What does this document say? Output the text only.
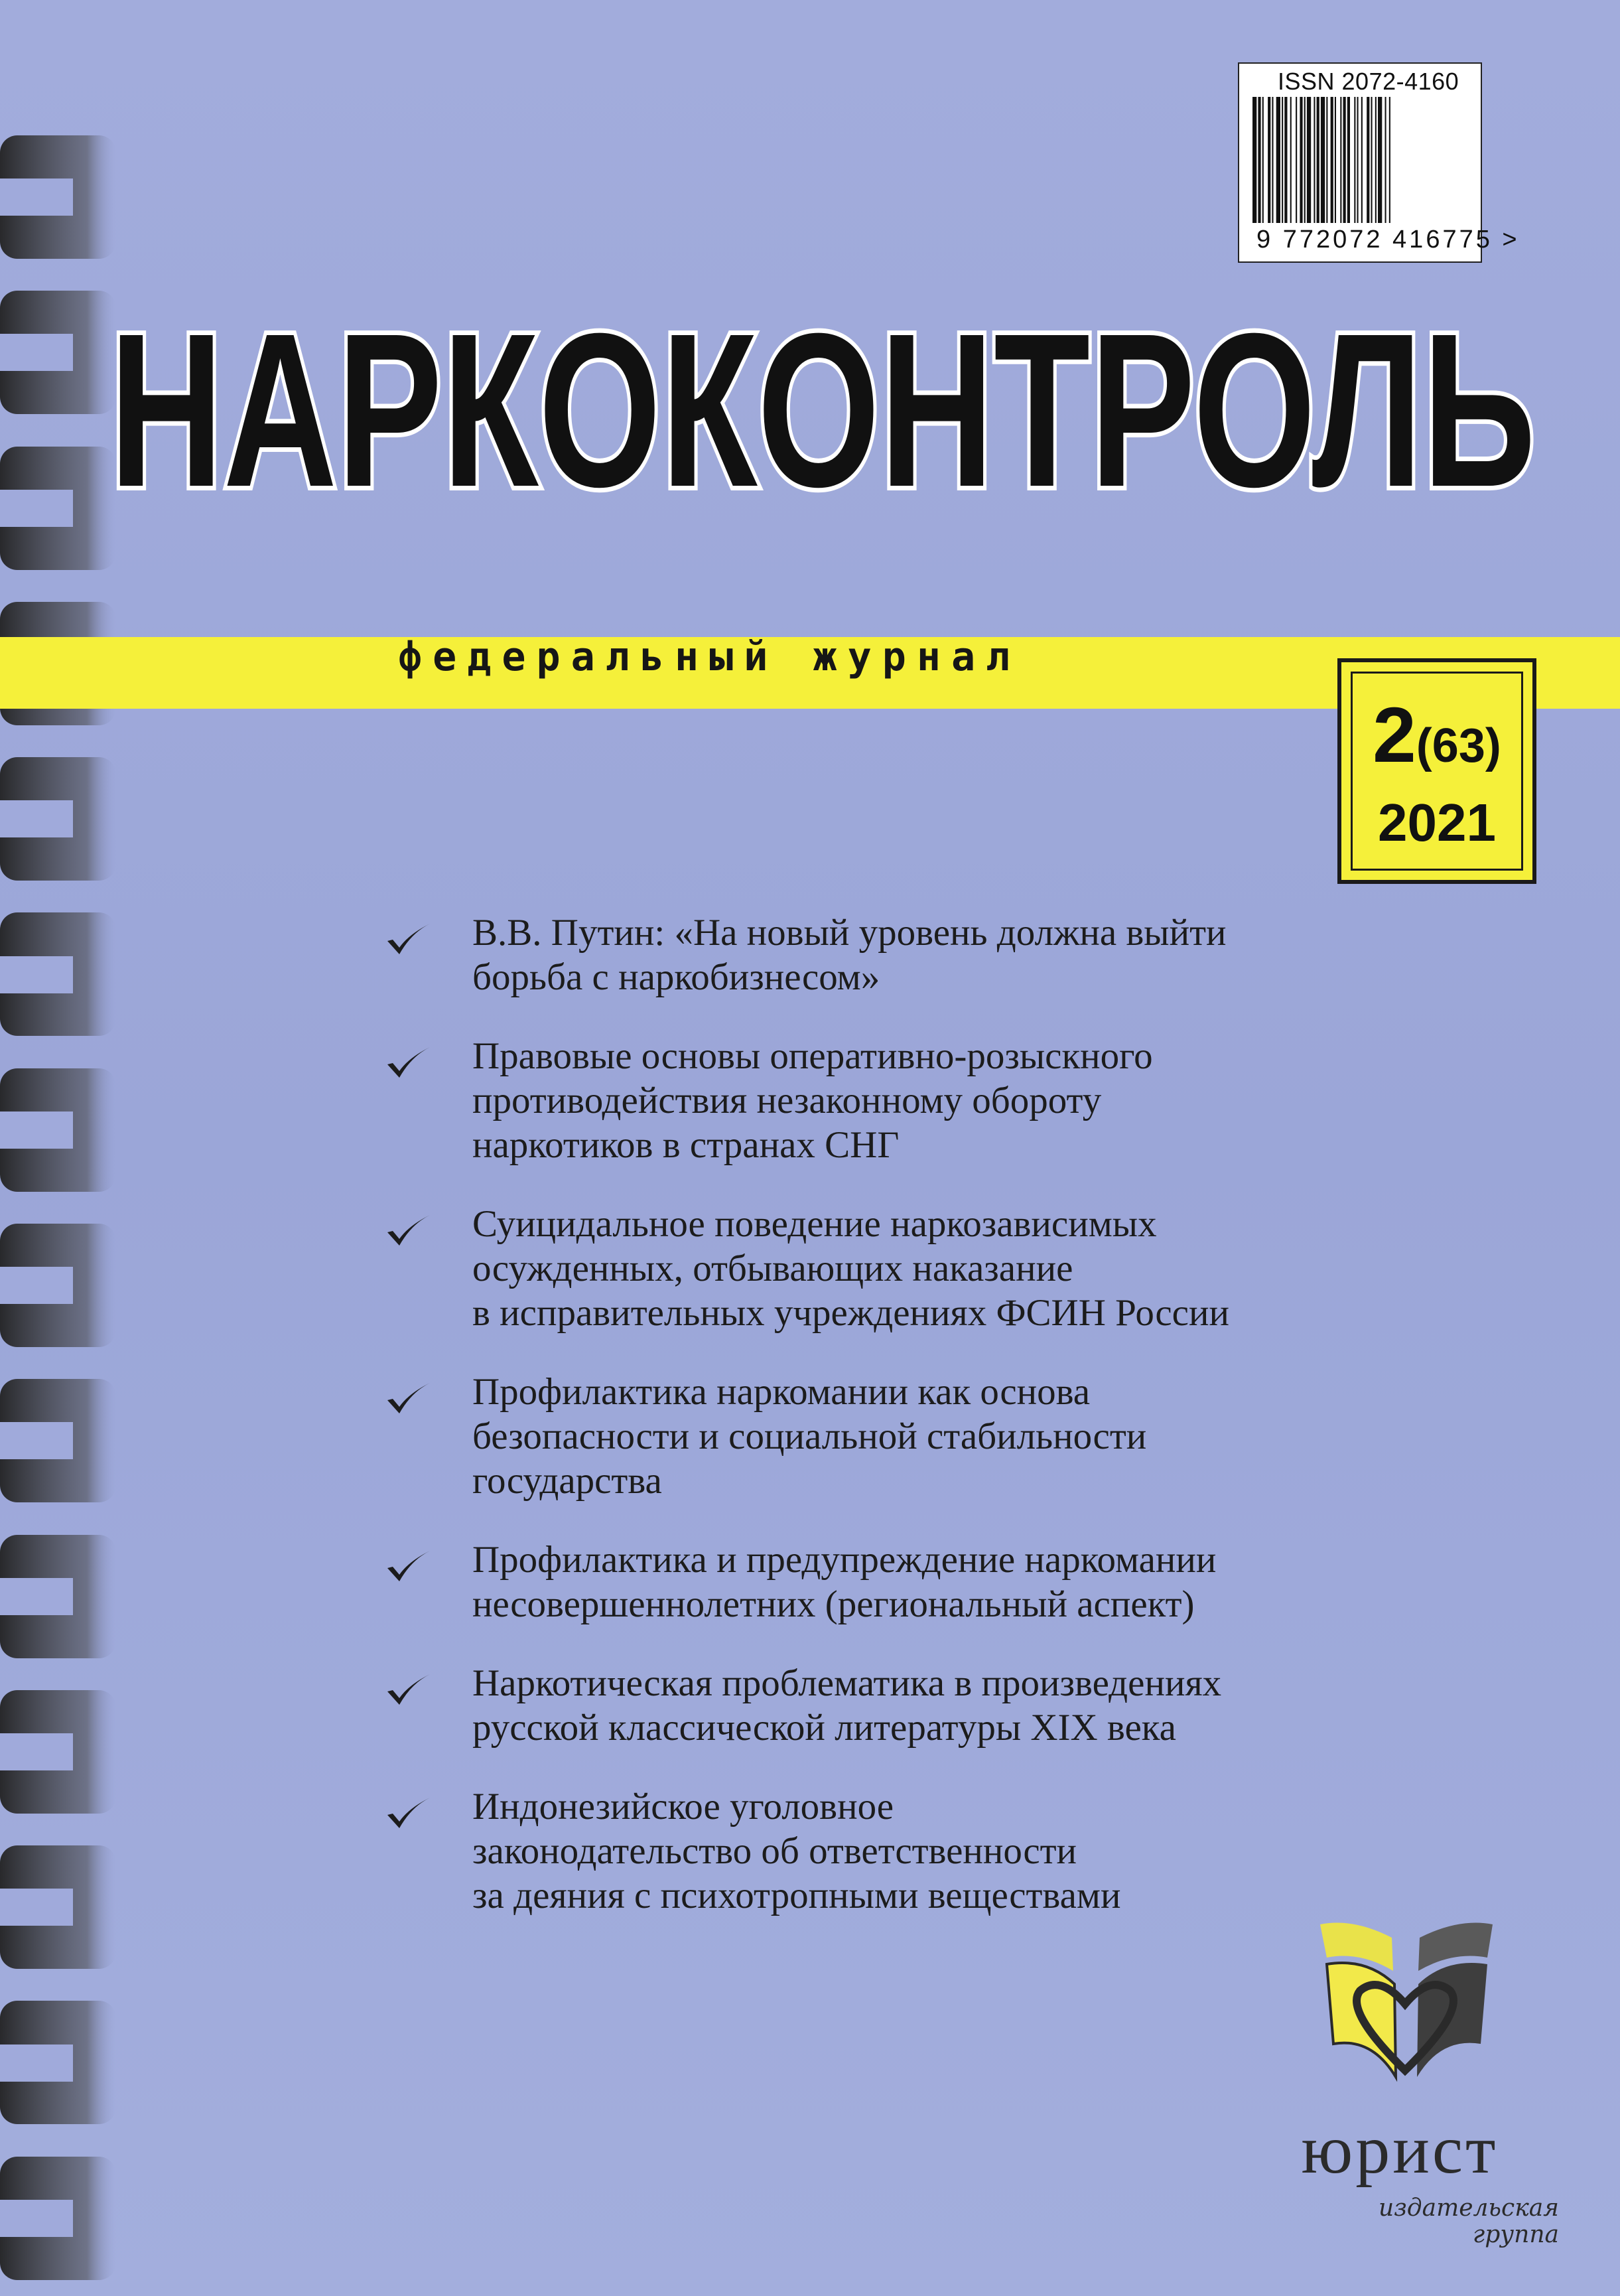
ISSN 2072-4160
9 772072 416775 >
НАРКОКОНТРОЛЬ
федеральный журнал
2(63)
2021
В.В. Путин: «На новый уровень должна выйти
борьба с наркобизнесом»
Правовые основы оперативно-розыскного
противодействия незаконному обороту
наркотиков в странах СНГ
Суицидальное поведение наркозависимых
осужденных, отбывающих наказание
в исправительных учреждениях ФСИН России
Профилактика наркомании как основа
безопасности и социальной стабильности
государства
Профилактика и предупреждение наркомании
несовершеннолетних (региональный аспект)
Наркотическая проблематика в произведениях
русской классической литературы XIX века
Индонезийское уголовное
законодательство об ответственности
за деяния с психотропными веществами
юрист
издательская
группа
